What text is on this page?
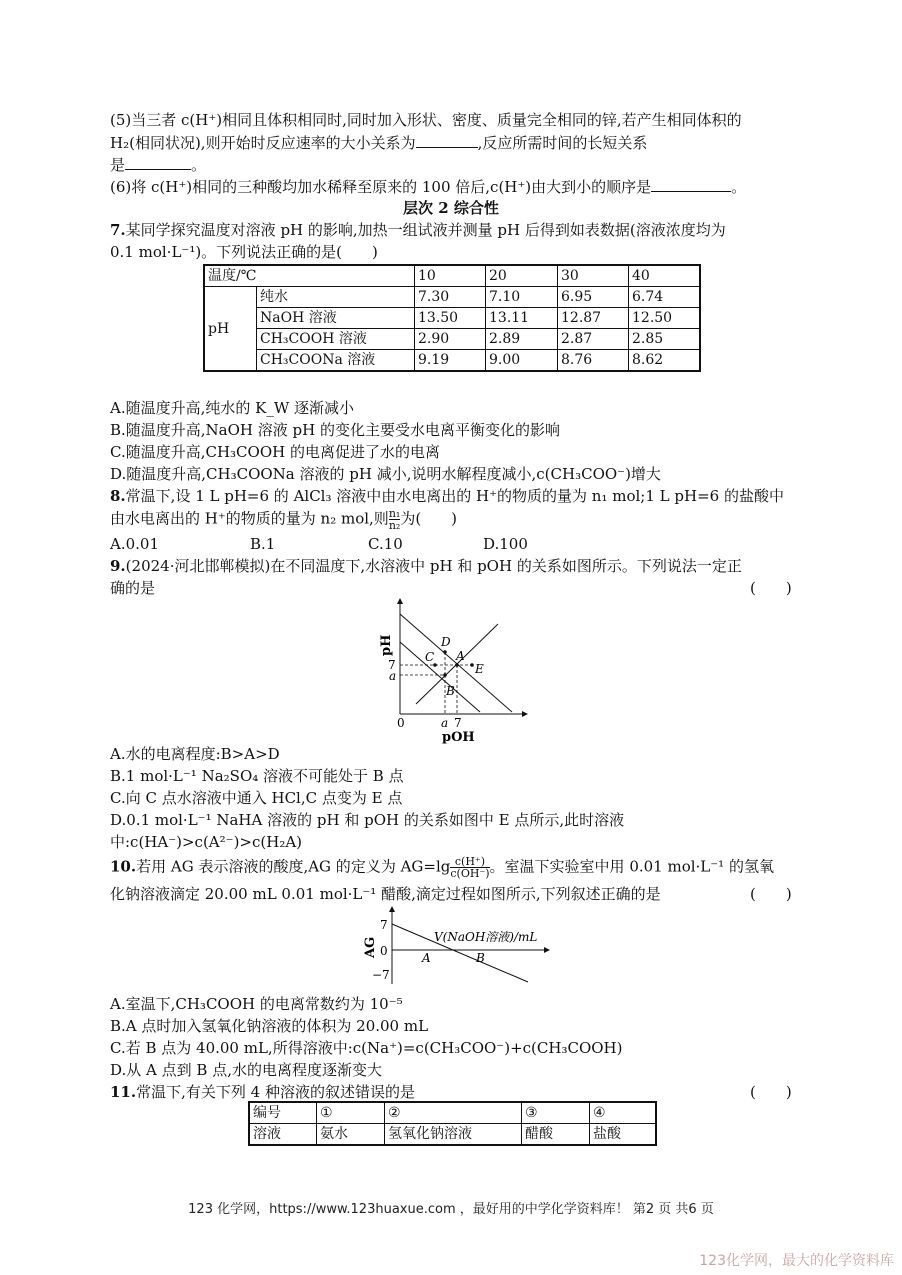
(5)当三者 c(H⁺)相同且体积相同时,同时加入形状、密度、质量完全相同的锌,若产生相同体积的
H₂(相同状况),则开始时反应速率的大小关系为	,反应所需时间的长短关系
是	。
(6)将 c(H⁺)相同的三种酸均加水稀释至原来的 100 倍后,c(H⁺)由大到小的顺序是	。
层次 2 综合性
7.某同学探究温度对溶液 pH 的影响,加热一组试液并测量 pH 后得到如表数据(溶液浓度均为
0.1 mol·L⁻¹)。下列说法正确的是(　　)
温度/℃		10	20	30	40
pH	纯水	7.30	7.10	6.95	6.74
	NaOH 溶液	13.50	13.11	12.87	12.50
	CH₃COOH 溶液	2.90	2.89	2.87	2.85
	CH₃COONa 溶液	9.19	9.00	8.76	8.62
A.随温度升高,纯水的 K_W 逐渐减小
B.随温度升高,NaOH 溶液 pH 的变化主要受水电离平衡变化的影响
C.随温度升高,CH₃COOH 的电离促进了水的电离
D.随温度升高,CH₃COONa 溶液的 pH 减小,说明水解程度减小,c(CH₃COO⁻)增大
8.常温下,设 1 L pH=6 的 AlCl₃ 溶液中由水电离出的 H⁺的物质的量为 n₁ mol;1 L pH=6 的盐酸中
由水电离出的 H⁺的物质的量为 n₂ mol,则 $\frac{\text{n₁}}{\text{n₂}}$ 为(　　)
A.0.01	B.1	C.10	D.100
9.(2024·河北邯郸模拟)在不同温度下,水溶液中 pH 和 pOH 的关系如图所示。下列说法一定正
确的是	(　　)
pH
7
a
0	a 7
pOH
D
C A
E
B
A.水的电离程度:B>A>D
B.1 mol·L⁻¹ Na₂SO₄ 溶液不可能处于 B 点
C.向 C 点水溶液中通入 HCl,C 点变为 E 点
D.0.1 mol·L⁻¹ NaHA 溶液的 pH 和 pOH 的关系如图中 E 点所示,此时溶液
中:c(HA⁻)>c(A²⁻)>c(H₂A)
10.若用 AG 表示溶液的酸度,AG 的定义为 $AG=\lg \frac{c(H^+)}{c(OH^-)}$ 。室温下实验室中用 0.01 mol·L⁻¹ 的氢氧
化钠溶液滴定 20.00 mL 0.01 mol·L⁻¹ 醋酸,滴定过程如图所示,下列叙述正确的是	(　　)
AG
7
0
−7
V(NaOH溶液)/mL
A	B
A.室温下,CH₃COOH 的电离常数约为 10⁻⁵
B.A 点时加入氢氧化钠溶液的体积为 20.00 mL
C.若 B 点为 40.00 mL,所得溶液中:c(Na⁺)=c(CH₃COO⁻)+c(CH₃COOH)
D.从 A 点到 B 点,水的电离程度逐渐变大
11.常温下,有关下列 4 种溶液的叙述错误的是	(　　)
编号	①	②	③	④
溶液	氨水	氢氧化钠溶液	醋酸	盐酸
123 化学网，https://www.123huaxue.com ，最好用的中学化学资料库！ 第2 页 共6 页
123化学网，最大的化学资料库
